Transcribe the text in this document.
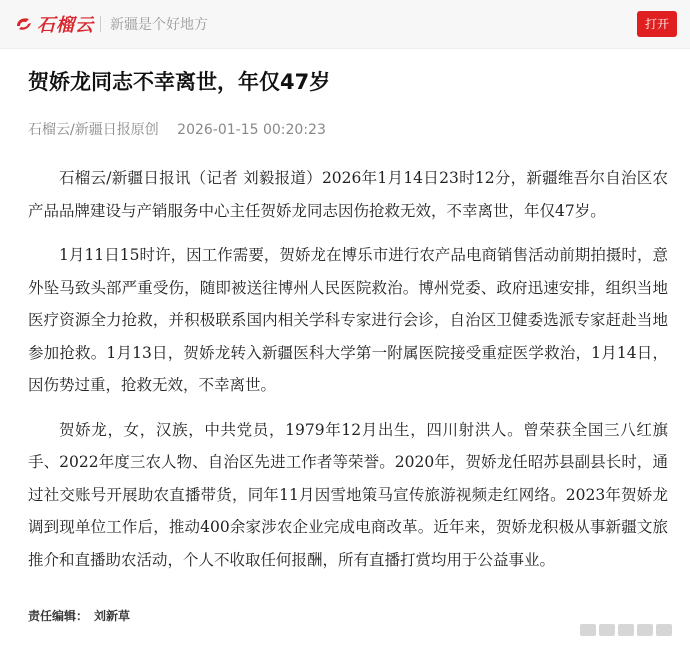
石榴云 新疆是个好地方	打开
贺娇龙同志不幸离世，年仅47岁
石榴云/新疆日报原创 2026-01-15 00:20:23

石榴云/新疆日报讯（记者 刘毅报道）2026年1月14日23时12分，新疆维吾尔自治区农产品品牌建设与产销服务中心主任贺娇龙同志因伤抢救无效，不幸离世，年仅47岁。

1月11日15时许，因工作需要，贺娇龙在博乐市进行农产品电商销售活动前期拍摄时，意外坠马致头部严重受伤，随即被送往博州人民医院救治。博州党委、政府迅速安排，组织当地医疗资源全力抢救，并积极联系国内相关学科专家进行会诊，自治区卫健委选派专家赶赴当地参加抢救。1月13日，贺娇龙转入新疆医科大学第一附属医院接受重症医学救治，1月14日，因伤势过重，抢救无效，不幸离世。

贺娇龙，女，汉族，中共党员，1979年12月出生，四川射洪人。曾荣获全国三八红旗手、2022年度三农人物、自治区先进工作者等荣誉。2020年，贺娇龙任昭苏县副县长时，通过社交账号开展助农直播带货，同年11月因雪地策马宣传旅游视频走红网络。2023年贺娇龙调到现单位工作后，推动400余家涉农企业完成电商改革。近年来，贺娇龙积极从事新疆文旅推介和直播助农活动，个人不收取任何报酬，所有直播打赏均用于公益事业。

责任编辑： 刘新草
